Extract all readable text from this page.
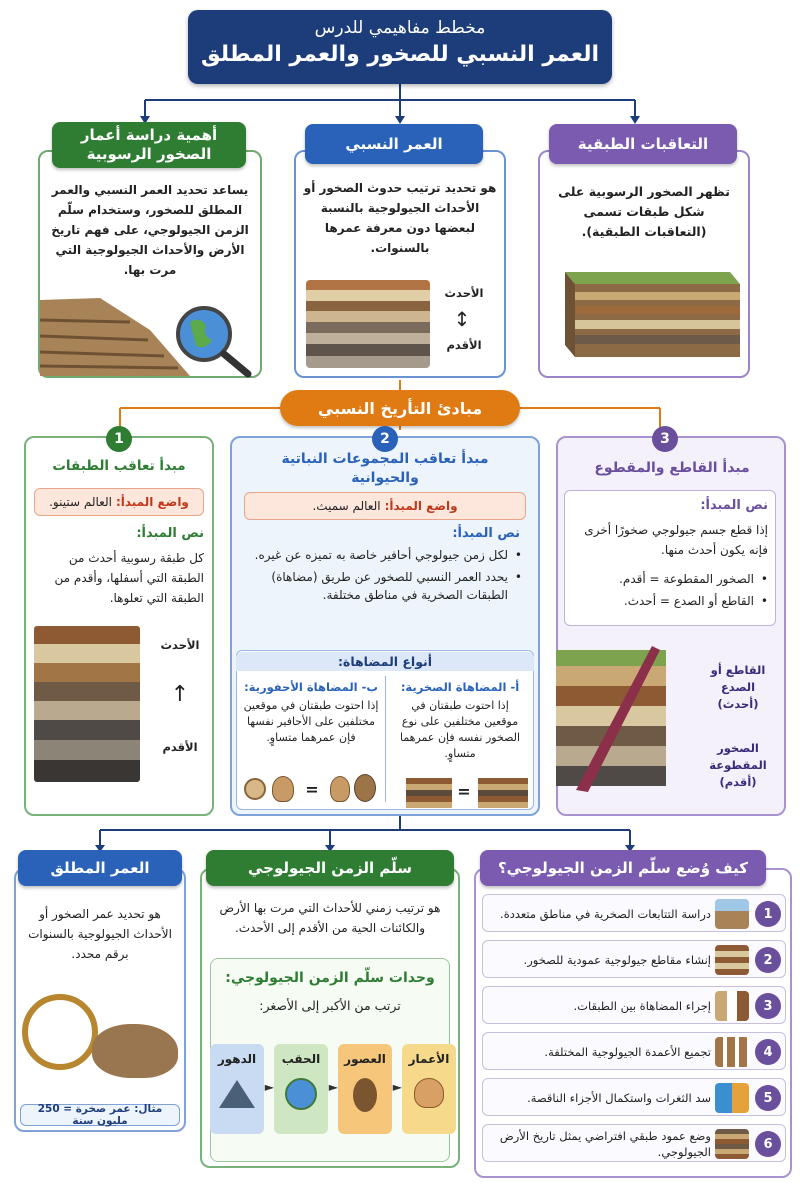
مخطط مفاهيمي للدرس
العمر النسبي للصخور والعمر المطلق
التعاقبات الطبقية
تظهر الصخور الرسوبية على شكل طبقات تسمى (التعاقبات الطبقية).
العمر النسبي
هو تحديد ترتيب حدوث الصخور أو الأحداث الجيولوجية بالنسبة لبعضها دون معرفة عمرها بالسنوات.
الأحدث
↕
الأقدم
أهمية دراسة أعمار الصخور الرسوبية
يساعد تحديد العمر النسبي والعمر المطلق للصخور، وستخدام سلّم الزمن الجيولوجي، على فهم تاريخ الأرض والأحداث الجيولوجية التي مرت بها.
مبادئ التأريخ النسبي
1
مبدأ تعاقب الطبقات
واضع المبدأ:
العالم ستينو.
نص المبدأ:
كل طبقة رسوبية أحدث من الطبقة التي أسفلها، وأقدم من الطبقة التي تعلوها.
الأحدث
↑
الأقدم
2
مبدأ تعاقب المجموعات النباتية والحيوانية
واضع المبدأ:
العالم سميث.
نص المبدأ:
• لكل زمن جيولوجي أحافير خاصة به تميزه عن غيره.
• يحدد العمر النسبي للصخور عن طريق (مضاهاة) الطبقات الصخرية في مناطق مختلفة.
أنواع المضاهاة:
أ- المضاهاة الصخرية:
إذا احتوت طبقتان في موقعين مختلفين على نوع الصخور نفسه فإن عمرهما متساوٍ.
=
ب- المضاهاة الأحفورية:
إذا احتوت طبقتان في موقعين مختلفين على الأحافير نفسها فإن عمرهما متساوٍ.
=
3
مبدأ القاطع والمقطوع
نص المبدأ:
إذا قطع جسم جيولوجي صخورًا أخرى فإنه يكون أحدث منها.
• الصخور المقطوعة = أقدم.
• القاطع أو الصدع = أحدث.
القاطع أو الصدع (أحدث)
الصخور المقطوعة (أقدم)
العمر المطلق
هو تحديد عمر الصخور أو الأحداث الجيولوجية بالسنوات برقم محدد.
مثال: عمر صخرة = 250 مليون سنة
سلّم الزمن الجيولوجي
هو ترتيب زمني للأحداث التي مرت بها الأرض والكائنات الحية من الأقدم إلى الأحدث.
وحدات سلّم الزمن الجيولوجي:
ترتب من الأكبر إلى الأصغر:
الدهور
►
الحقب
►
العصور
►
الأعمار
كيف وُضع سلّم الزمن الجيولوجي؟
1
دراسة التتابعات الصخرية في مناطق متعددة.
2
إنشاء مقاطع جيولوجية عمودية للصخور.
3
إجراء المضاهاة بين الطبقات.
4
تجميع الأعمدة الجيولوجية المختلفة.
5
سد الثغرات واستكمال الأجزاء الناقصة.
6
وضع عمود طبقي افتراضي يمثل تاريخ الأرض الجيولوجي.
